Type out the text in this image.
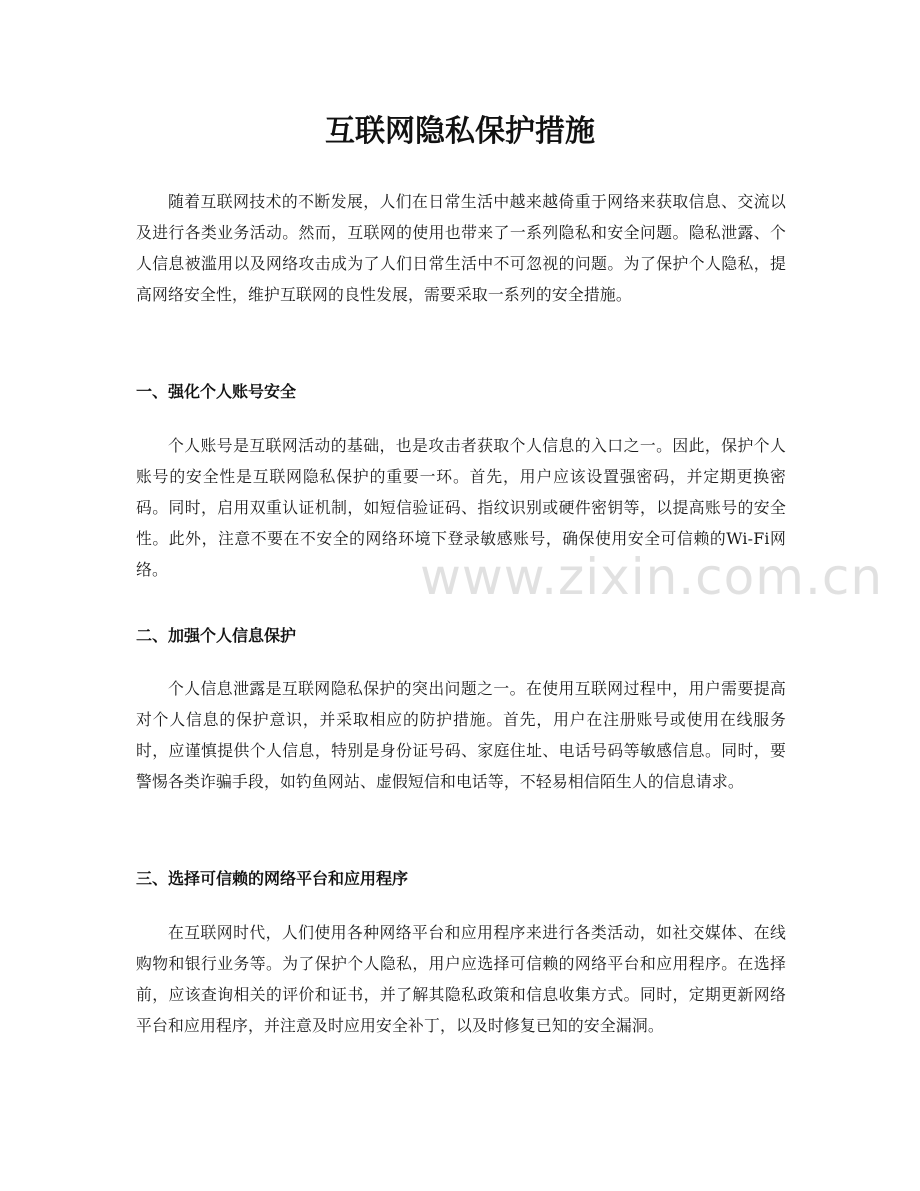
互联网隐私保护措施

随着互联网技术的不断发展，人们在日常生活中越来越倚重于网络来获取信息、交流以及进行各类业务活动。然而，互联网的使用也带来了一系列隐私和安全问题。隐私泄露、个人信息被滥用以及网络攻击成为了人们日常生活中不可忽视的问题。为了保护个人隐私，提高网络安全性，维护互联网的良性发展，需要采取一系列的安全措施。

一、强化个人账号安全

个人账号是互联网活动的基础，也是攻击者获取个人信息的入口之一。因此，保护个人账号的安全性是互联网隐私保护的重要一环。首先，用户应该设置强密码，并定期更换密码。同时，启用双重认证机制，如短信验证码、指纹识别或硬件密钥等，以提高账号的安全性。此外，注意不要在不安全的网络环境下登录敏感账号，确保使用安全可信赖的Wi-Fi网络。

二、加强个人信息保护

个人信息泄露是互联网隐私保护的突出问题之一。在使用互联网过程中，用户需要提高对个人信息的保护意识，并采取相应的防护措施。首先，用户在注册账号或使用在线服务时，应谨慎提供个人信息，特别是身份证号码、家庭住址、电话号码等敏感信息。同时，要警惕各类诈骗手段，如钓鱼网站、虚假短信和电话等，不轻易相信陌生人的信息请求。

三、选择可信赖的网络平台和应用程序

在互联网时代，人们使用各种网络平台和应用程序来进行各类活动，如社交媒体、在线购物和银行业务等。为了保护个人隐私，用户应选择可信赖的网络平台和应用程序。在选择前，应该查询相关的评价和证书，并了解其隐私政策和信息收集方式。同时，定期更新网络平台和应用程序，并注意及时应用安全补丁，以及时修复已知的安全漏洞。

www.zixin.com.cn
